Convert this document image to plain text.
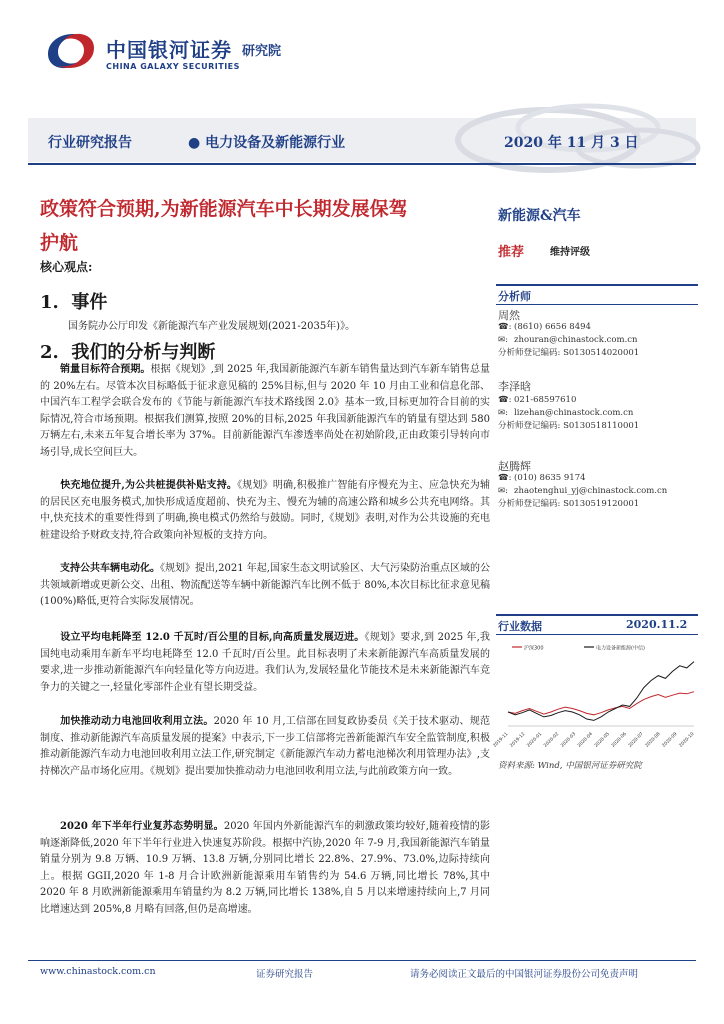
中国银河证券 研究院
CHINA GALAXY SECURITIES
行业研究报告	● 电力设备及新能源行业	2020 年 11 月 3 日
政策符合预期,为新能源汽车中长期发展保驾
护航
核心观点:
1. 事件
国务院办公厅印发《新能源汽车产业发展规划(2021-2035年)》。
2. 我们的分析与判断
销量目标符合预期。根据《规划》,到 2025 年,我国新能源汽车新车销售量达到汽车新车销售总量的 20%左右。尽管本次目标略低于征求意见稿的 25%目标,但与 2020 年 10 月由工业和信息化部、中国汽车工程学会联合发布的《节能与新能源汽车技术路线图 2.0》基本一致,目标更加符合目前的实际情况,符合市场预期。根据我们测算,按照 20%的目标,2025 年我国新能源汽车的销量有望达到 580 万辆左右,未来五年复合增长率为 37%。目前新能源汽车渗透率尚处在初始阶段,正由政策引导转向市场引导,成长空间巨大。
快充地位提升,为公共桩提供补贴支持。《规划》明确,积极推广智能有序慢充为主、应急快充为辅的居民区充电服务模式,加快形成适度超前、快充为主、慢充为辅的高速公路和城乡公共充电网络。其中,快充技术的重要性得到了明确,换电模式仍然给与鼓励。同时,《规划》表明,对作为公共设施的充电桩建设给予财政支持,符合政策向补短板的支持方向。
支持公共车辆电动化。《规划》提出,2021 年起,国家生态文明试验区、大气污染防治重点区域的公共领域新增或更新公交、出租、物流配送等车辆中新能源汽车比例不低于 80%,本次目标比征求意见稿(100%)略低,更符合实际发展情况。
设立平均电耗降至 12.0 千瓦时/百公里的目标,向高质量发展迈进。《规划》要求,到 2025 年,我国纯电动乘用车新车平均电耗降至 12.0 千瓦时/百公里。此目标表明了未来新能源汽车高质量发展的要求,进一步推动新能源汽车向轻量化等方向迈进。我们认为,发展轻量化节能技术是未来新能源汽车竞争力的关键之一,轻量化零部件企业有望长期受益。
加快推动动力电池回收利用立法。2020 年 10 月,工信部在回复政协委员《关于技术驱动、规范制度、推动新能源汽车高质量发展的提案》中表示,下一步工信部将完善新能源汽车安全监管制度,积极推动新能源汽车动力电池回收利用立法工作,研究制定《新能源汽车动力蓄电池梯次利用管理办法》,支持梯次产品市场化应用。《规划》提出要加快推动动力电池回收利用立法,与此前政策方向一致。
2020 年下半年行业复苏态势明显。2020 年国内外新能源汽车的刺激政策均较好,随着疫情的影响逐渐降低,2020 年下半年行业进入快速复苏阶段。根据中汽协,2020 年 7-9 月,我国新能源汽车销量销量分别为 9.8 万辆、10.9 万辆、13.8 万辆,分别同比增长 22.8%、27.9%、73.0%,边际持续向上。根据 GGII,2020 年 1-8 月合计欧洲新能源乘用车销售约为 54.6 万辆,同比增长 78%,其中 2020 年 8 月欧洲新能源乘用车销量约为 8.2 万辆,同比增长 138%,自 5 月以来增速持续向上,7 月同比增速达到 205%,8 月略有回落,但仍是高增速。
新能源&汽车
推荐	维持评级
分析师
周然
☎: (8610) 6656 8494
✉: zhouran@chinastock.com.cn
分析师登记编码: S0130514020001
李泽晗
☎: 021-68597610
✉: lizehan@chinastock.com.cn
分析师登记编码: S0130518110001
赵腾辉
☎: (010) 8635 9174
✉: zhaotenghui_yj@chinastock.com.cn
分析师登记编码: S0130519120001
行业数据	2020.11.2
沪深300	电力设备新能源(中信)
2019-11 2019-12 2020-01 2020-02 2020-03 2020-04 2020-05 2020-06 2020-07 2020-08 2020-09 2020-10
资料来源: Wind, 中国银河证券研究院
www.chinastock.com.cn	证券研究报告	请务必阅读正文最后的中国银河证券股份公司免责声明
